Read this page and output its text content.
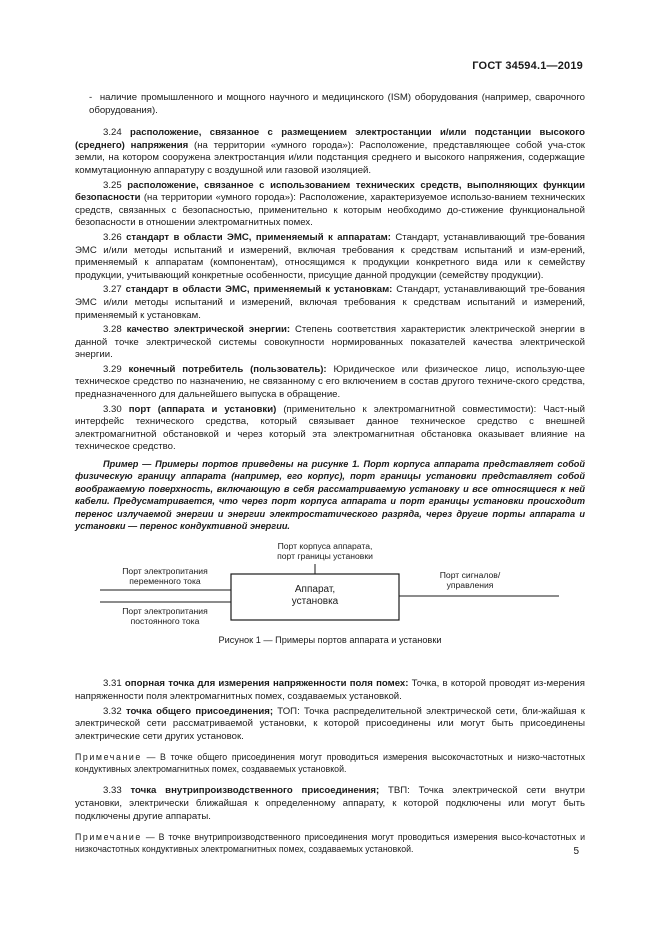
ГОСТ 34594.1—2019

- наличие промышленного и мощного научного и медицинского (ISM) оборудования (например, сварочного оборудования).

3.24 расположение, связанное с размещением электростанции и/или подстанции высокого (среднего) напряжения (на территории «умного города»): Расположение, представляющее собой уча-сток земли, на котором сооружена электростанция и/или подстанция среднего и высокого напряжения, содержащие коммутационную аппаратуру с воздушной или газовой изоляцией.

3.25 расположение, связанное с использованием технических средств, выполняющих функции безопасности (на территории «умного города»): Расположение, характеризуемое использо-ванием технических средств, связанных с безопасностью, применительно к которым необходимо до-стижение функциональной безопасности в отношении электромагнитных помех.

3.26 стандарт в области ЭМС, применяемый к аппаратам: Стандарт, устанавливающий тре-бования ЭМС и/или методы испытаний и измерений, включая требования к средствам испытаний и изм-ерений, применяемый к аппаратам (компонентам), относящимся к продукции конкретного вида или к семейству продукции, учитывающий конкретные особенности, присущие данной продукции (семейству продукции).

3.27 стандарт в области ЭМС, применяемый к установкам: Стандарт, устанавливающий тре-бования ЭМС и/или методы испытаний и измерений, включая требования к средствам испытаний и измерений, применяемый к установкам.

3.28 качество электрической энергии: Степень соответствия характеристик электрической энергии в данной точке электрической системы совокупности нормированных показателей качества электрической энергии.

3.29 конечный потребитель (пользователь): Юридическое или физическое лицо, использую-щее техническое средство по назначению, не связанному с его включением в состав другого техниче-ского средства, предназначенного для дальнейшего выпуска в обращение.

3.30 порт (аппарата и установки) (применительно к электромагнитной совместимости): Част-ный интерфейс технического средства, который связывает данное техническое средство с внешней электромагнитной обстановкой и через который эта электромагнитная обстановка оказывает влияние на техническое средство.

Пример — Примеры портов приведены на рисунке 1. Порт корпуса аппарата представляет собой физическую границу аппарата (например, его корпус), порт границы установки представляет собой воображаемую поверхность, включающую в себя рассматриваемую установку и все относящиеся к ней кабели. Предусматривается, что через порт корпуса аппарата и порт границы установки происходит перенос излучаемой энергии и энергии электростатического разряда, через другие порты аппарата и установки — перенос кондуктивной энергии.

Порт корпуса аппарата,
порт границы установки
Порт электропитания
переменного тока
Порт электропитания
постоянного тока
Порт сигналов/
управления
Аппарат,
установка
Рисунок 1 — Примеры портов аппарата и установки

3.31 опорная точка для измерения напряженности поля помех: Точка, в которой проводят из-мерения напряженности поля электромагнитных помех, создаваемых установкой.

3.32 точка общего присоединения; ТОП: Точка распределительной электрической сети, бли-жайшая к электрической сети рассматриваемой установки, к которой присоединены или могут быть присоединены электрические сети других установок.

Примечание — В точке общего присоединения могут проводиться измерения высокочастотных и низко-частотных кондуктивных электромагнитных помех, создаваемых установкой.

3.33 точка внутрипроизводственного присоединения; ТВП: Точка электрической сети внутри установки, электрически ближайшая к определенному аппарату, к которой подключены или могут быть подключены другие аппараты.

Примечание — В точке внутрипроизводственного присоединения могут проводиться измерения высо-kочастотных и низкочастотных кондуктивных электромагнитных помех, создаваемых установкой.	5
